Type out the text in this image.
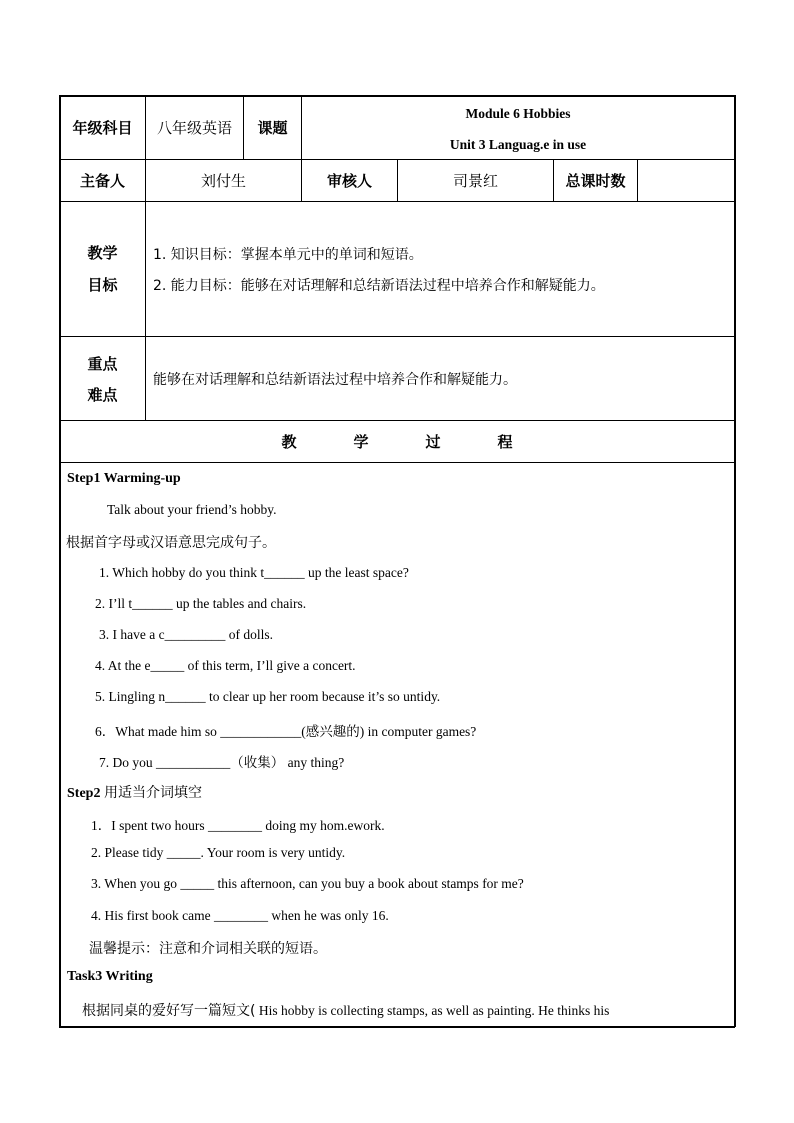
年级科目	八年级英语	课题
Module 6 Hobbies
Unit 3 Languag.e in use
主备人	刘付生	审核人	司景红	总课时数
教学
目标
1. 知识目标：掌握本单元中的单词和短语。
2. 能力目标：能够在对话理解和总结新语法过程中培养合作和解疑能力。
重点
难点
能够在对话理解和总结新语法过程中培养合作和解疑能力。
教	学	过	程
Step1 Warming-up
Talk about your friend’s hobby.
根据首字母或汉语意思完成句子。
1. Which hobby do you think t______ up the least space?
2. I’ll t______ up the tables and chairs.
3. I have a c_________ of dolls.
4. At the e_____ of this term, I’ll give a concert.
5. Lingling n______ to clear up her room because it’s so untidy.
6．What made him so ____________(感兴趣的) in computer games?
7. Do you ___________（收集） any thing?
Step2 用适当介词填空
1．I spent two hours ________ doing my hom.ework.
2. Please tidy _____. Your room is very untidy.
3. When you go _____ this afternoon, can you buy a book about stamps for me?
4. His first book came ________ when he was only 16.
温馨提示：注意和介词相关联的短语。
Task3 Writing
根据同桌的爱好写一篇短文( His hobby is collecting stamps, as well as painting. He thinks his
